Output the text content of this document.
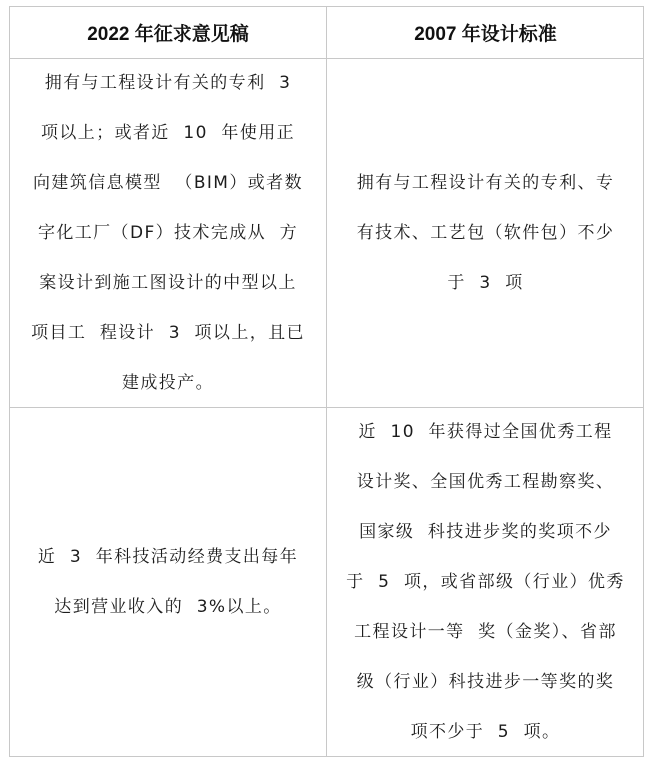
2022 年征求意见稿	2007 年设计标准
拥有与工程设计有关的专利  3
项以上；或者近  10  年使用正
向建筑信息模型  （BIM）或者数
字化工厂（DF）技术完成从  方
案设计到施工图设计的中型以上
项目工  程设计  3  项以上，且已
建成投产。
拥有与工程设计有关的专利、专
有技术、工艺包（软件包）不少
于  3  项
近  3  年科技活动经费支出每年
达到营业收入的  3%以上。
近  10  年获得过全国优秀工程
设计奖、全国优秀工程勘察奖、
国家级  科技进步奖的奖项不少
于  5  项，或省部级（行业）优秀
工程设计一等  奖（金奖）、省部
级（行业）科技进步一等奖的奖
项不少于  5  项。
